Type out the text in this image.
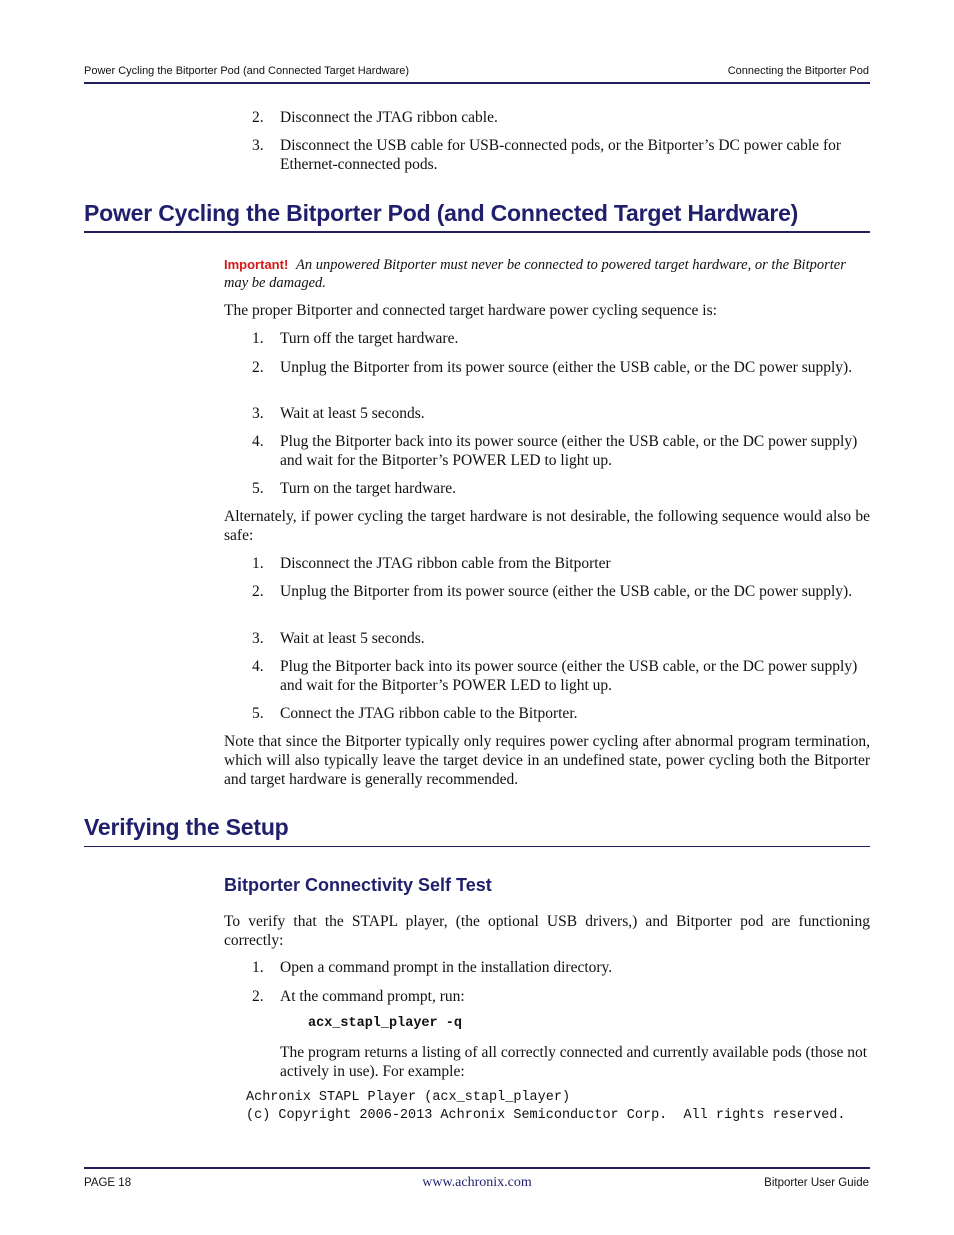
Power Cycling the Bitporter Pod (and Connected Target Hardware)	Connecting the Bitporter Pod
2. Disconnect the JTAG ribbon cable.
3. Disconnect the USB cable for USB-connected pods, or the Bitporter’s DC power cable for Ethernet-connected pods.
Power Cycling the Bitporter Pod (and Connected Target Hardware)
Important! An unpowered Bitporter must never be connected to powered target hardware, or the Bitporter may be damaged.
The proper Bitporter and connected target hardware power cycling sequence is:
1. Turn off the target hardware.
2. Unplug the Bitporter from its power source (either the USB cable, or the DC power supply).
3. Wait at least 5 seconds.
4. Plug the Bitporter back into its power source (either the USB cable, or the DC power supply) and wait for the Bitporter’s POWER LED to light up.
5. Turn on the target hardware.
Alternately, if power cycling the target hardware is not desirable, the following sequence would also be safe:
1. Disconnect the JTAG ribbon cable from the Bitporter
2. Unplug the Bitporter from its power source (either the USB cable, or the DC power supply).
3. Wait at least 5 seconds.
4. Plug the Bitporter back into its power source (either the USB cable, or the DC power supply) and wait for the Bitporter’s POWER LED to light up.
5. Connect the JTAG ribbon cable to the Bitporter.
Note that since the Bitporter typically only requires power cycling after abnormal program termination, which will also typically leave the target device in an undefined state, power cycling both the Bitporter and target hardware is generally recommended.
Verifying the Setup
Bitporter Connectivity Self Test
To verify that the STAPL player, (the optional USB drivers,) and Bitporter pod are functioning correctly:
1. Open a command prompt in the installation directory.
2. At the command prompt, run:
acx_stapl_player -q
The program returns a listing of all correctly connected and currently available pods (those not actively in use). For example:
Achronix STAPL Player (acx_stapl_player)
(c) Copyright 2006-2013 Achronix Semiconductor Corp.  All rights reserved.
PAGE 18	www.achronix.com	Bitporter User Guide
